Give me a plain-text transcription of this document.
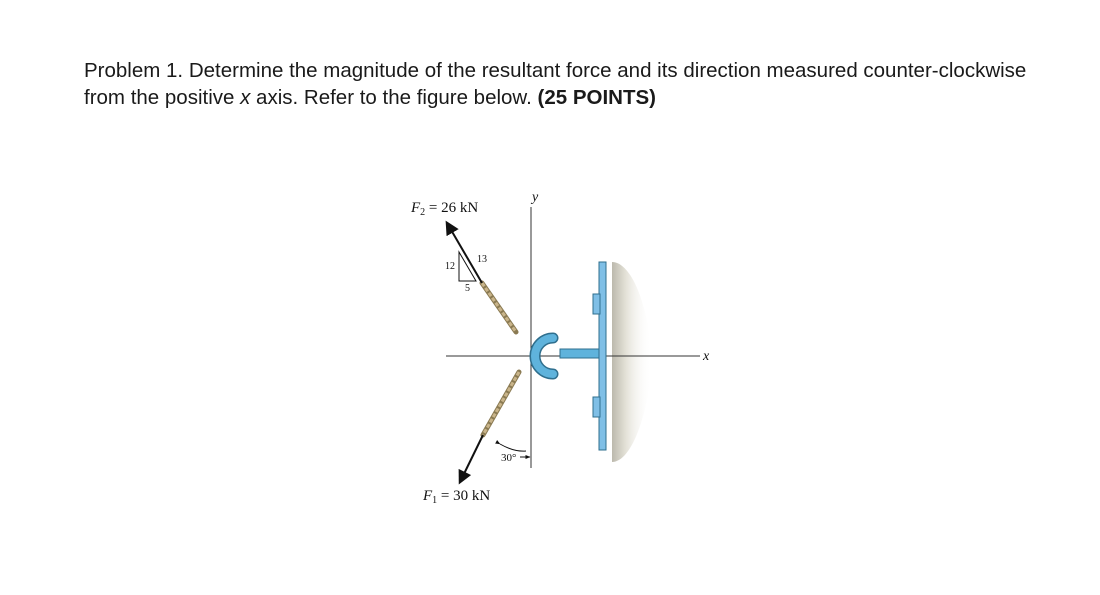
Problem 1. Determine the magnitude of the resultant force and its direction measured counter-clockwise from the positive x axis. Refer to the figure below. (25 POINTS)

y
x
12
13
5
$F_2 = 26$ kN
30°
$F_1 = 30$ kN
